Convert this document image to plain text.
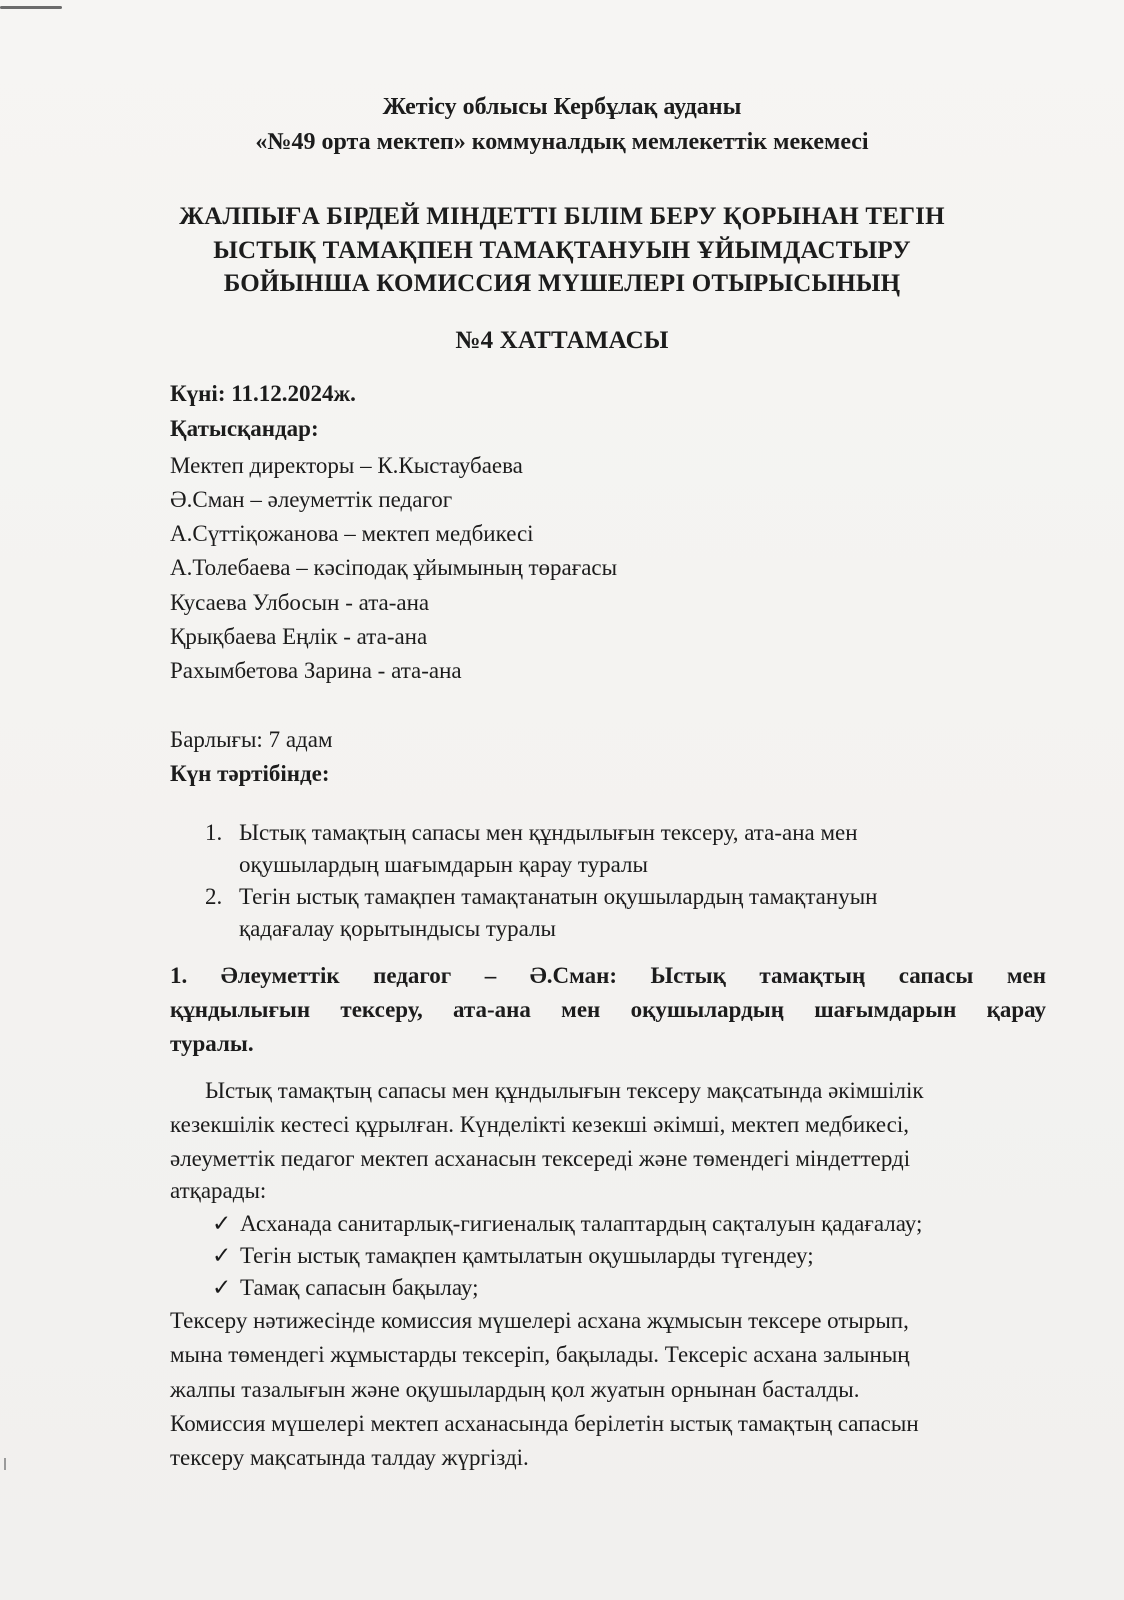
Жетісу облысы Кербұлақ ауданы
«№49 орта мектеп» коммуналдық мемлекеттік мекемесі
ЖАЛПЫҒА БІРДЕЙ МІНДЕТТІ БІЛІМ БЕРУ ҚОРЫНАН ТЕГІН
ЫСТЫҚ ТАМАҚПЕН ТАМАҚТАНУЫН ҰЙЫМДАСТЫРУ
БОЙЫНША КОМИССИЯ МҮШЕЛЕРІ ОТЫРЫСЫНЫҢ
№4 ХАТТАМАСЫ
Күні: 11.12.2024ж.
Қатысқандар:
Мектеп директоры – К.Кыстаубаева
Ә.Сман – әлеуметтік педагог
А.Сүттіқожанова – мектеп медбикесі
А.Толебаева – кәсіподақ ұйымының төрағасы
Кусаева Улбосын - ата-ана
Қрықбаева Еңлік - ата-ана
Рахымбетова Зарина - ата-ана
Барлығы: 7 адам
Күн тәртібінде:
1. Ыстық тамақтың сапасы мен құндылығын тексеру, ата-ана мен
оқушылардың шағымдарын қарау туралы
2. Тегін ыстық тамақпен тамақтанатын оқушылардың тамақтануын
қадағалау қорытындысы туралы
1. Әлеуметтік педагог – Ә.Сман: Ыстық тамақтың сапасы мен
құндылығын тексеру, ата-ана мен оқушылардың шағымдарын қарау
туралы.
Ыстық тамақтың сапасы мен құндылығын тексеру мақсатында әкімшілік
кезекшілік кестесі құрылған. Күнделікті кезекші әкімші, мектеп медбикесі,
әлеуметтік педагог мектеп асханасын тексереді және төмендегі міндеттерді
атқарады:
✓ Асханада санитарлық-гигиеналық талаптардың сақталуын қадағалау;
✓ Тегін ыстық тамақпен қамтылатын оқушыларды түгендеу;
✓ Тамақ сапасын бақылау;
Тексеру нәтижесінде комиссия мүшелері асхана жұмысын тексере отырып,
мына төмендегі жұмыстарды тексеріп, бақылады. Тексеріс асхана залының
жалпы тазалығын және оқушылардың қол жуатын орнынан басталды.
Комиссия мүшелері мектеп асханасында берілетін ыстық тамақтың сапасын
тексеру мақсатында талдау жүргізді.
